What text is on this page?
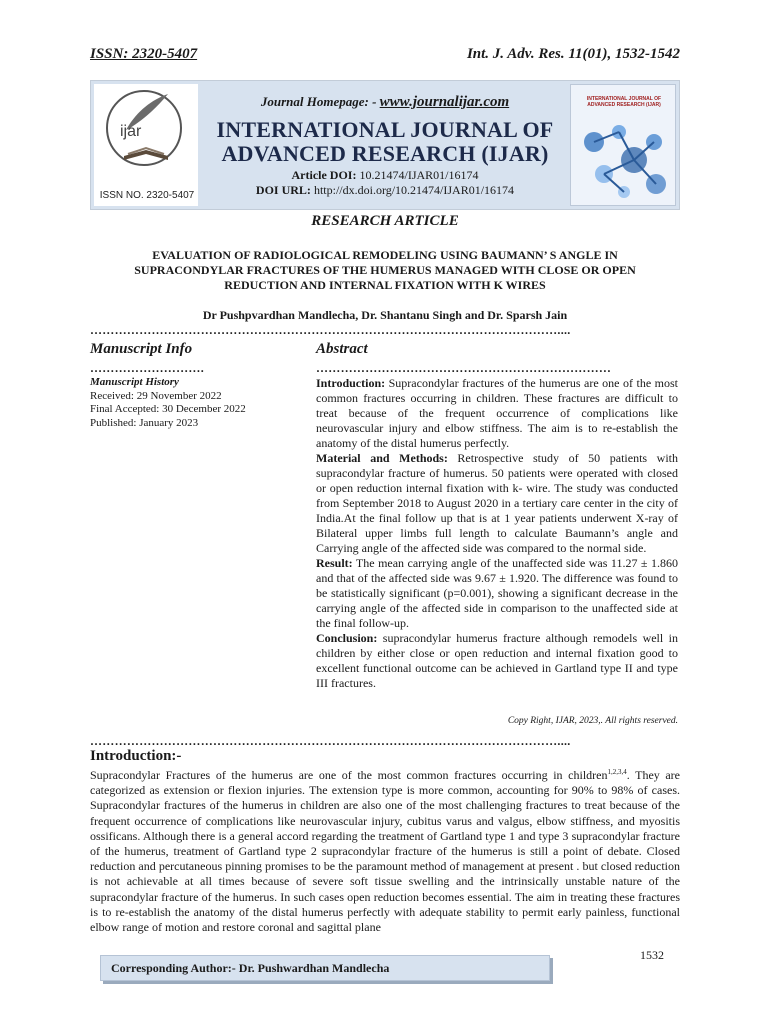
ISSN: 2320-5407	Int. J. Adv. Res. 11(01), 1532-1542
ijar
ISSN NO. 2320-5407
Journal Homepage: - www.journalijar.com
INTERNATIONAL JOURNAL OF
ADVANCED RESEARCH (IJAR)
Article DOI: 10.21474/IJAR01/16174
DOI URL: http://dx.doi.org/10.21474/IJAR01/16174
INTERNATIONAL JOURNAL OF ADVANCED RESEARCH (IJAR)
RESEARCH ARTICLE
EVALUATION OF RADIOLOGICAL REMODELING USING BAUMANN’ S ANGLE IN
SUPRACONDYLAR FRACTURES OF THE HUMERUS MANAGED WITH CLOSE OR OPEN
REDUCTION AND INTERNAL FIXATION WITH K WIRES
Dr Pushpvardhan Mandlecha, Dr. Shantanu Singh and Dr. Sparsh Jain
……………………………………………………………………………………………………....
Manuscript Info
……………………….
Manuscript History
Received: 29 November 2022
Final Accepted: 30 December 2022
Published: January 2023
Abstract
………………………………………………………………

Introduction: Supracondylar fractures of the humerus are one of the most common fractures occurring in children. These fractures are difficult to treat because of the frequent occurrence of complications like neurovascular injury and elbow stiffness. The aim is to re-establish the anatomy of the distal humerus perfectly.

Material and Methods: Retrospective study of 50 patients with supracondylar fracture of humerus. 50 patients were operated with closed or open reduction internal fixation with k- wire. The study was conducted from September 2018 to August 2020 in a tertiary care center in the city of India.At the final follow up that is at 1 year patients underwent X-ray of Bilateral upper limbs full length to calculate Baumann’s angle and Carrying angle of the affected side was compared to the normal side.

Result: The mean carrying angle of the unaffected side was 11.27 ± 1.860 and that of the affected side was 9.67 ± 1.920. The difference was found to be statistically significant (p=0.001), showing a significant decrease in the carrying angle of the affected side in comparison to the unaffected side at the final follow-up.

Conclusion: supracondylar humerus fracture although remodels well in children by either close or open reduction and internal fixation good to excellent functional outcome can be achieved in Gartland type II and type III fractures.

Copy Right, IJAR, 2023,. All rights reserved.
……………………………………………………………………………………………………....
Introduction:-
Supracondylar Fractures of the humerus are one of the most common fractures occurring in children$^{1,2,3,4}$. They are categorized as extension or flexion injuries. The extension type is more common, accounting for 90% to 98% of cases. Supracondylar fractures of the humerus in children are also one of the most challenging fractures to treat because of the frequent occurrence of complications like neurovascular injury, cubitus varus and valgus, elbow stiffness, and myositis ossificans. Although there is a general accord regarding the treatment of Gartland type 1 and type 3 supracondylar fracture of the humerus, treatment of Gartland type 2 supracondylar fracture of the humerus is still a point of debate. Closed reduction and percutaneous pinning promises to be the paramount method of management at present . but closed reduction is not achievable at all times because of severe soft tissue swelling and the intrinsically unstable nature of the supracondylar fracture of the humerus. In such cases open reduction becomes essential. The aim in treating these fractures is to re-establish the anatomy of the distal humerus perfectly with adequate stability to permit early painless, functional elbow range of motion and restore coronal and sagittal plane
1532
Corresponding Author:- Dr. Pushwardhan Mandlecha
